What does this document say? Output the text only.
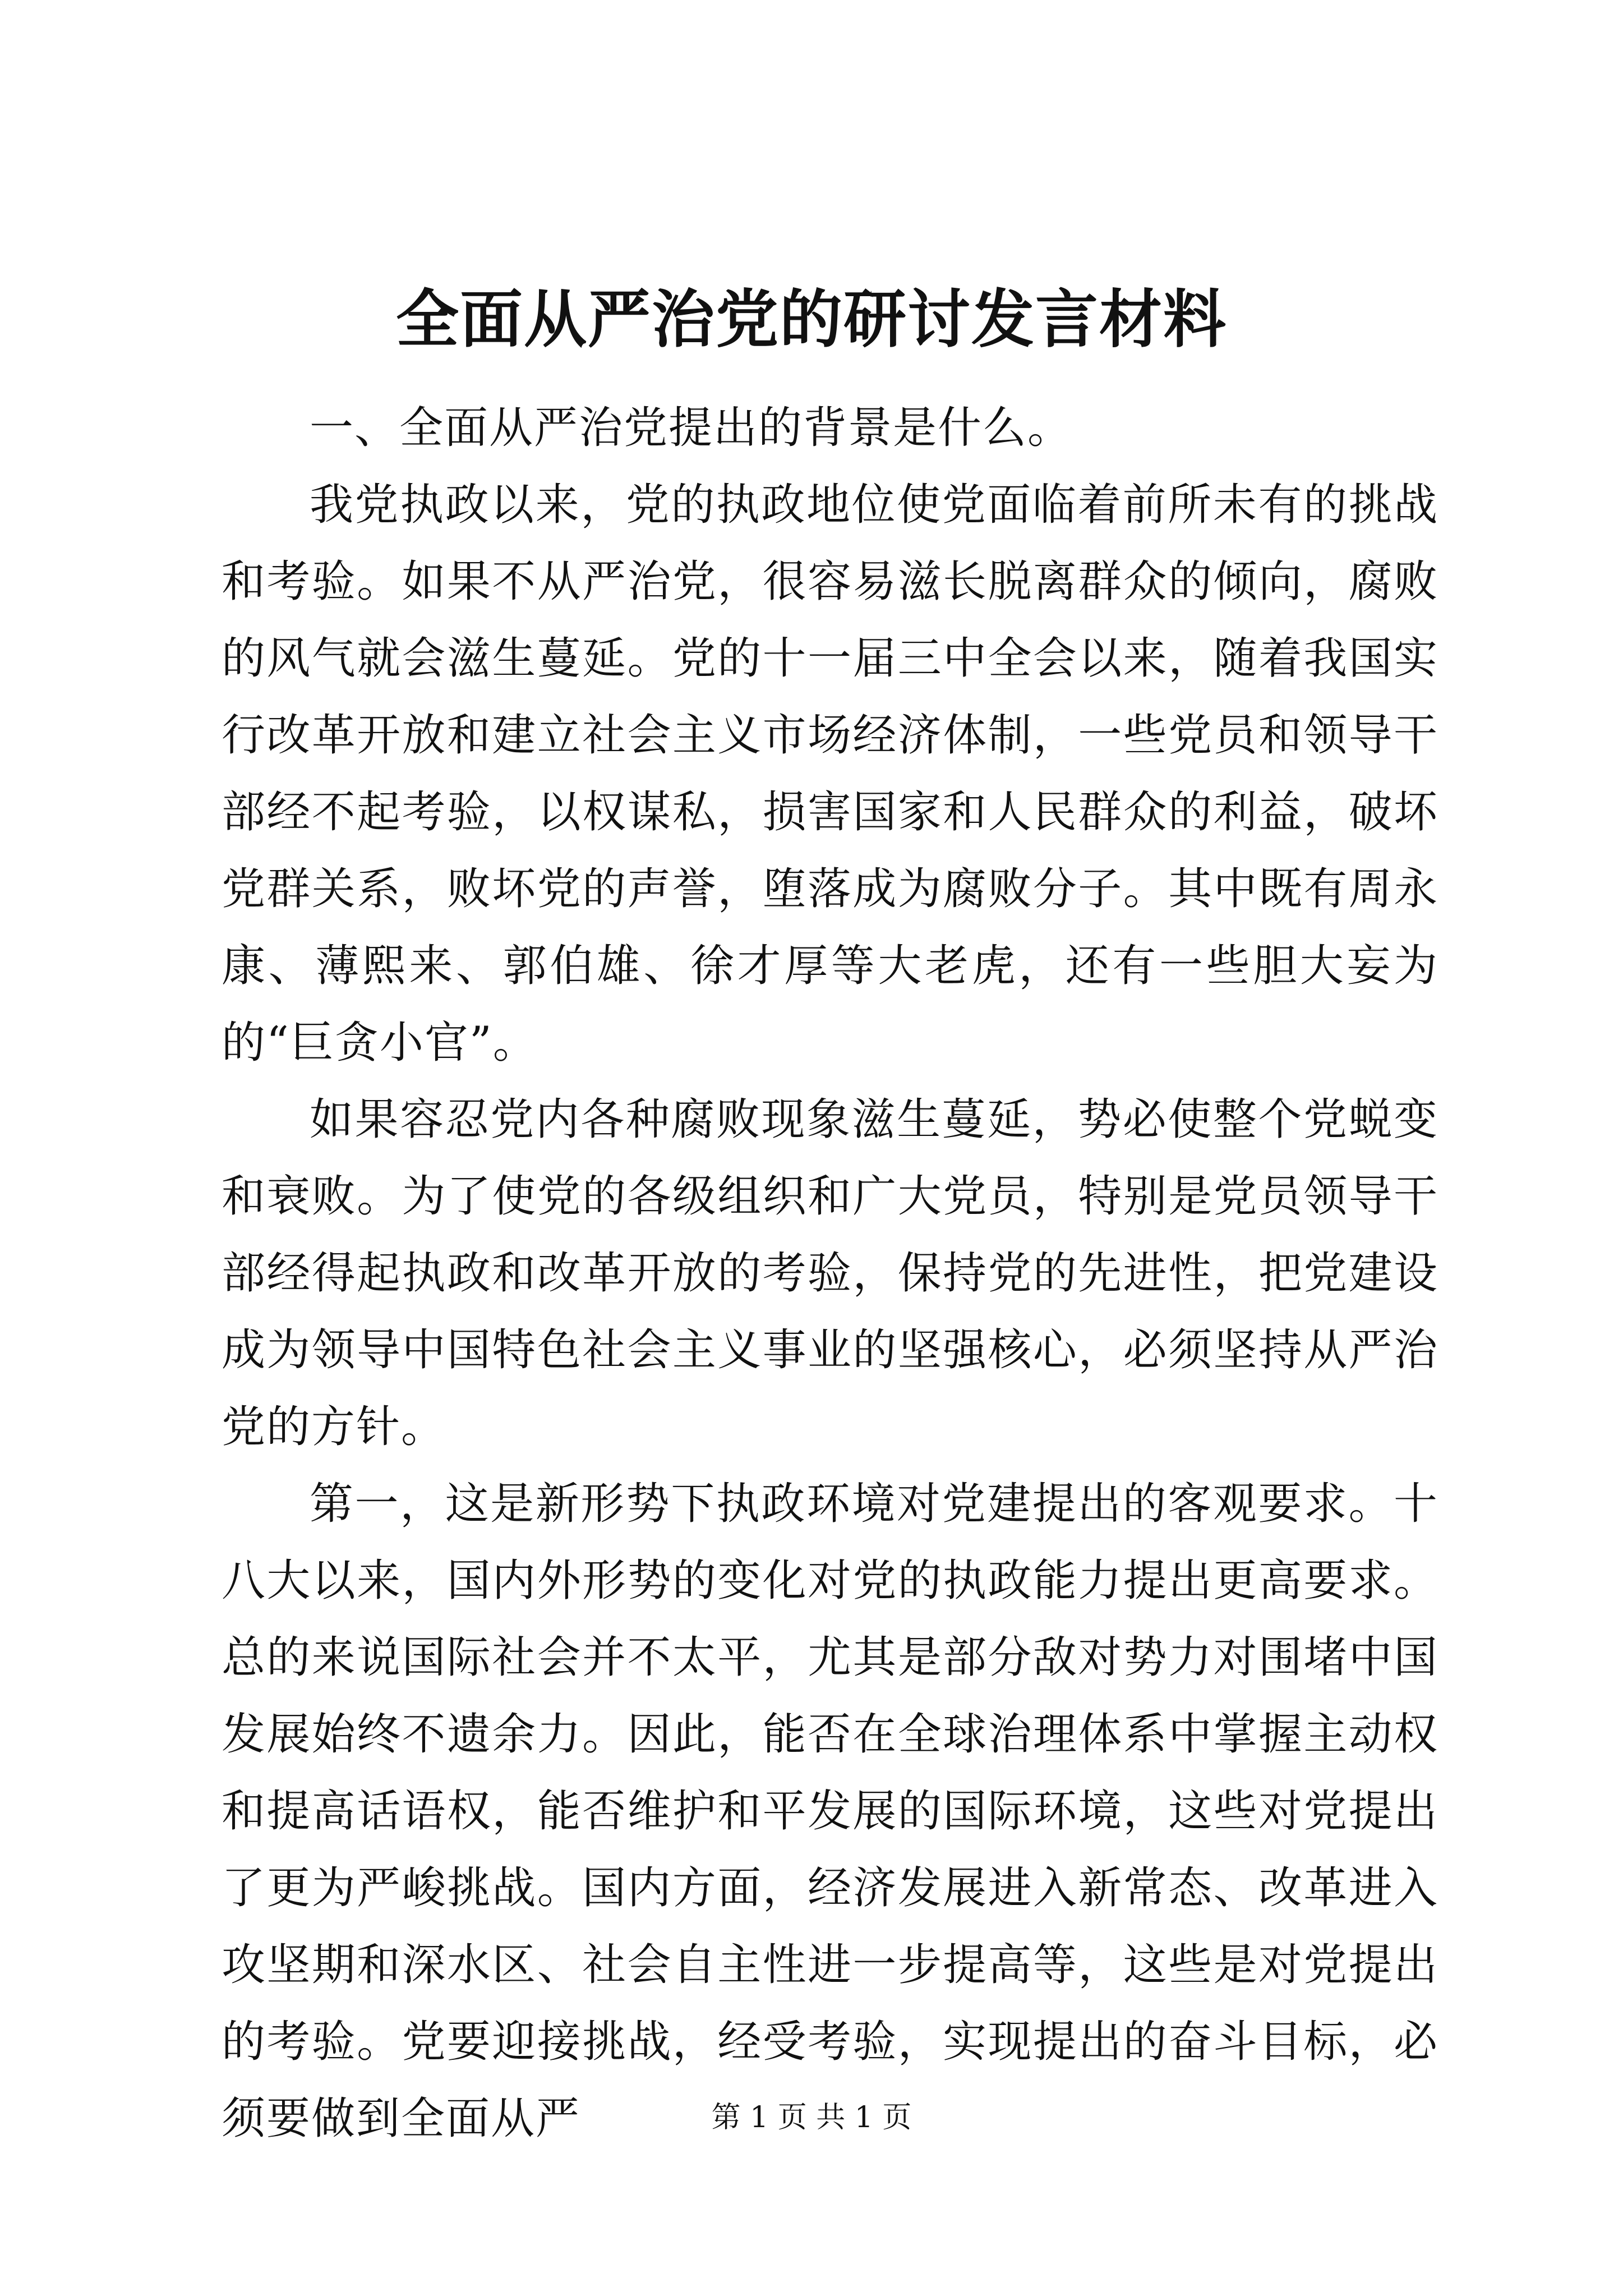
全面从严治党的研讨发言材料

一、全面从严治党提出的背景是什么。

我党执政以来，党的执政地位使党面临着前所未有的挑战和考验。如果不从严治党，很容易滋长脱离群众的倾向，腐败的风气就会滋生蔓延。党的十一届三中全会以来，随着我国实行改革开放和建立社会主义市场经济体制，一些党员和领导干部经不起考验，以权谋私，损害国家和人民群众的利益，破坏党群关系，败坏党的声誉，堕落成为腐败分子。其中既有周永康、薄熙来、郭伯雄、徐才厚等大老虎，还有一些胆大妄为的“巨贪小官”。

如果容忍党内各种腐败现象滋生蔓延，势必使整个党蜕变和衰败。为了使党的各级组织和广大党员，特别是党员领导干部经得起执政和改革开放的考验，保持党的先进性，把党建设成为领导中国特色社会主义事业的坚强核心，必须坚持从严治党的方针。

第一，这是新形势下执政环境对党建提出的客观要求。十八大以来，国内外形势的变化对党的执政能力提出更高要求。总的来说国际社会并不太平，尤其是部分敌对势力对围堵中国发展始终不遗余力。因此，能否在全球治理体系中掌握主动权和提高话语权，能否维护和平发展的国际环境，这些对党提出了更为严峻挑战。国内方面，经济发展进入新常态、改革进入攻坚期和深水区、社会自主性进一步提高等，这些是对党提出的考验。党要迎接挑战，经受考验，实现提出的奋斗目标，必须要做到全面从严	第 1 页 共 1 页
